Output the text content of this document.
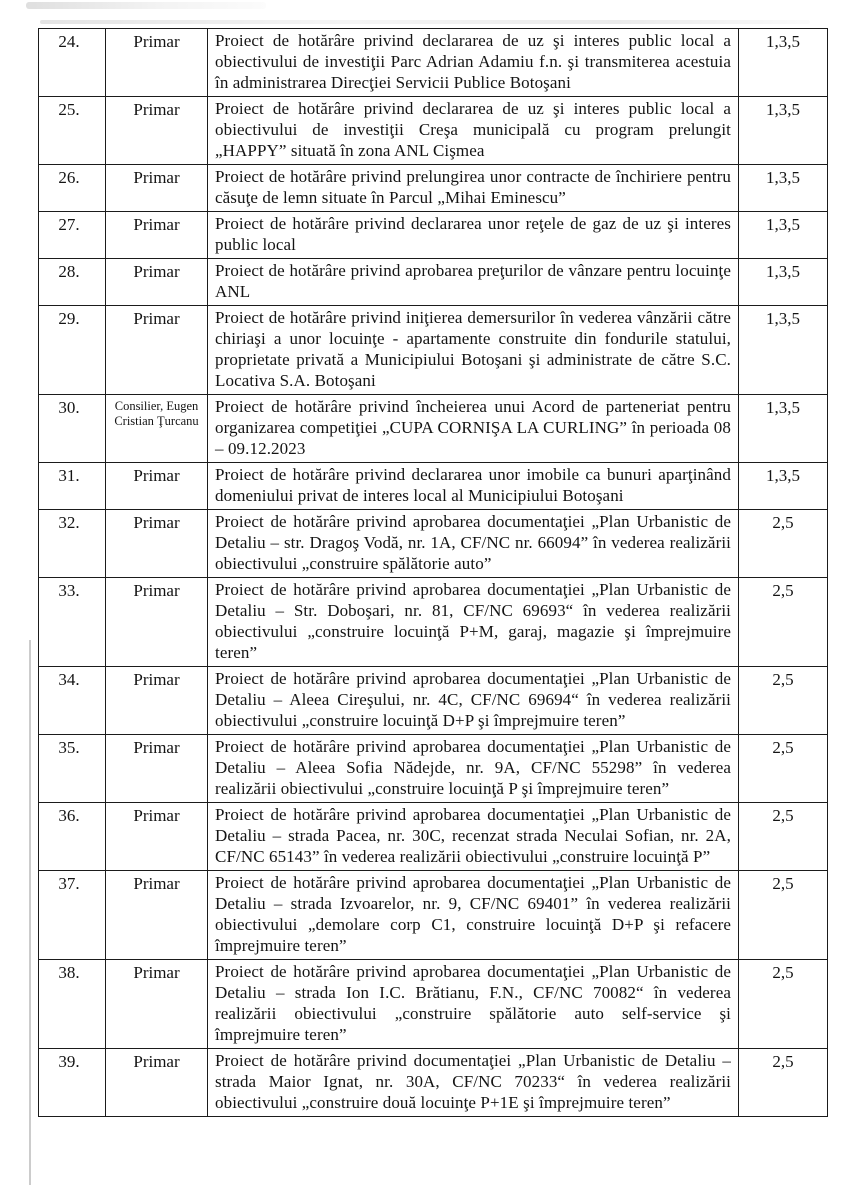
24.	Primar	Proiect de hotărâre privind declararea de uz şi interes public local a obiectivului de investiţii Parc Adrian Adamiu f.n. şi transmiterea acestuia în administrarea Direcţiei Servicii Publice Botoşani	1,3,5
25.	Primar	Proiect de hotărâre privind declararea de uz şi interes public local a obiectivului de investiţii Creşa municipală cu program prelungit „HAPPY” situată în zona ANL Cişmea	1,3,5
26.	Primar	Proiect de hotărâre privind prelungirea unor contracte de închiriere pentru căsuţe de lemn situate în Parcul „Mihai Eminescu”	1,3,5
27.	Primar	Proiect de hotărâre privind declararea unor reţele de gaz de uz şi interes public local	1,3,5
28.	Primar	Proiect de hotărâre privind aprobarea preţurilor de vânzare pentru locuinţe ANL	1,3,5
29.	Primar	Proiect de hotărâre privind iniţierea demersurilor în vederea vânzării către chiriaşi a unor locuinţe - apartamente construite din fondurile statului, proprietate privată a Municipiului Botoşani şi administrate de către S.C. Locativa S.A. Botoşani	1,3,5
30.	Consilier, Eugen Cristian Ţurcanu	Proiect de hotărâre privind încheierea unui Acord de parteneriat pentru organizarea competiţiei „CUPA CORNIŞA LA CURLING” în perioada 08 – 09.12.2023	1,3,5
31.	Primar	Proiect de hotărâre privind declararea unor imobile ca bunuri aparţinând domeniului privat de interes local al Municipiului Botoşani	1,3,5
32.	Primar	Proiect de hotărâre privind aprobarea documentaţiei „Plan Urbanistic de Detaliu – str. Dragoş Vodă, nr. 1A, CF/NC nr. 66094” în vederea realizării obiectivului „construire spălătorie auto”	2,5
33.	Primar	Proiect de hotărâre privind aprobarea documentaţiei „Plan Urbanistic de Detaliu – Str. Doboşari, nr. 81, CF/NC 69693“ în vederea realizării obiectivului „construire locuinţă P+M, garaj, magazie şi împrejmuire teren”	2,5
34.	Primar	Proiect de hotărâre privind aprobarea documentaţiei „Plan Urbanistic de Detaliu – Aleea Cireşului, nr. 4C, CF/NC 69694“ în vederea realizării obiectivului „construire locuinţă D+P şi împrejmuire teren”	2,5
35.	Primar	Proiect de hotărâre privind aprobarea documentaţiei „Plan Urbanistic de Detaliu – Aleea Sofia Nădejde, nr. 9A, CF/NC 55298” în vederea realizării obiectivului „construire locuinţă P şi împrejmuire teren”	2,5
36.	Primar	Proiect de hotărâre privind aprobarea documentaţiei „Plan Urbanistic de Detaliu – strada Pacea, nr. 30C, recenzat strada Neculai Sofian, nr. 2A, CF/NC 65143” în vederea realizării obiectivului „construire locuinţă P”	2,5
37.	Primar	Proiect de hotărâre privind aprobarea documentaţiei „Plan Urbanistic de Detaliu – strada Izvoarelor, nr. 9, CF/NC 69401” în vederea realizării obiectivului „demolare corp C1, construire locuinţă D+P şi refacere împrejmuire teren”	2,5
38.	Primar	Proiect de hotărâre privind aprobarea documentaţiei „Plan Urbanistic de Detaliu – strada Ion I.C. Brătianu, F.N., CF/NC 70082“ în vederea realizării obiectivului „construire spălătorie auto self-service şi împrejmuire teren”	2,5
39.	Primar	Proiect de hotărâre privind documentaţiei „Plan Urbanistic de Detaliu – strada Maior Ignat, nr. 30A, CF/NC 70233“ în vederea realizării obiectivului „construire două locuinţe P+1E şi împrejmuire teren”	2,5
